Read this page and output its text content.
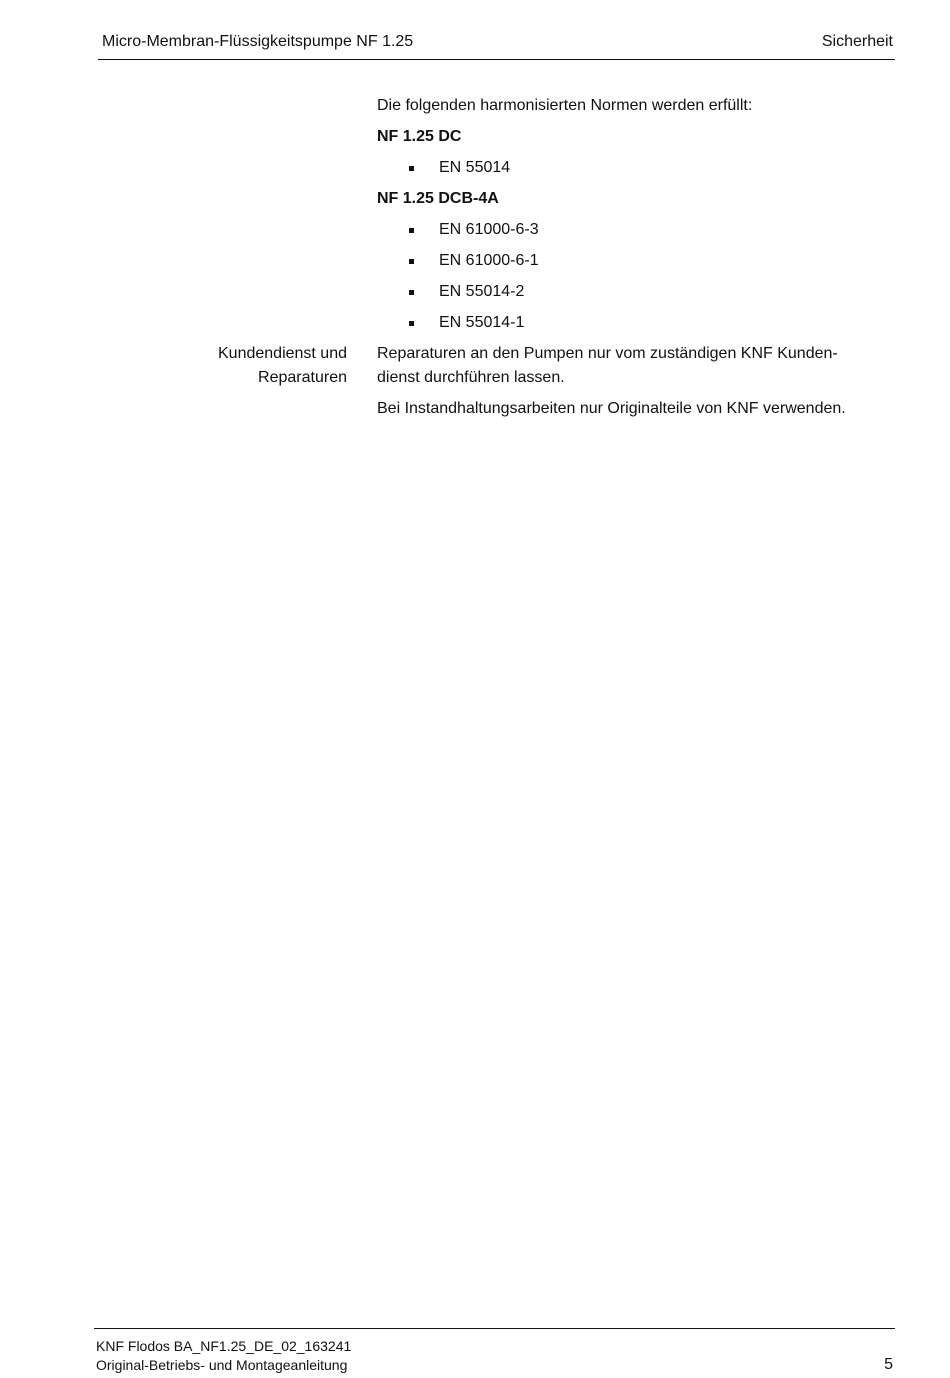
Micro-Membran-Flüssigkeitspumpe NF 1.25	Sicherheit
Die folgenden harmonisierten Normen werden erfüllt:
NF 1.25 DC
EN 55014
NF 1.25 DCB-4A
EN 61000-6-3
EN 61000-6-1
EN 55014-2
EN 55014-1
Kundendienst und
Reparaturen
Reparaturen an den Pumpen nur vom zuständigen KNF Kunden-
dienst durchführen lassen.
Bei Instandhaltungsarbeiten nur Originalteile von KNF verwenden.
KNF Flodos BA_NF1.25_DE_02_163241
Original-Betriebs- und Montageanleitung	5
